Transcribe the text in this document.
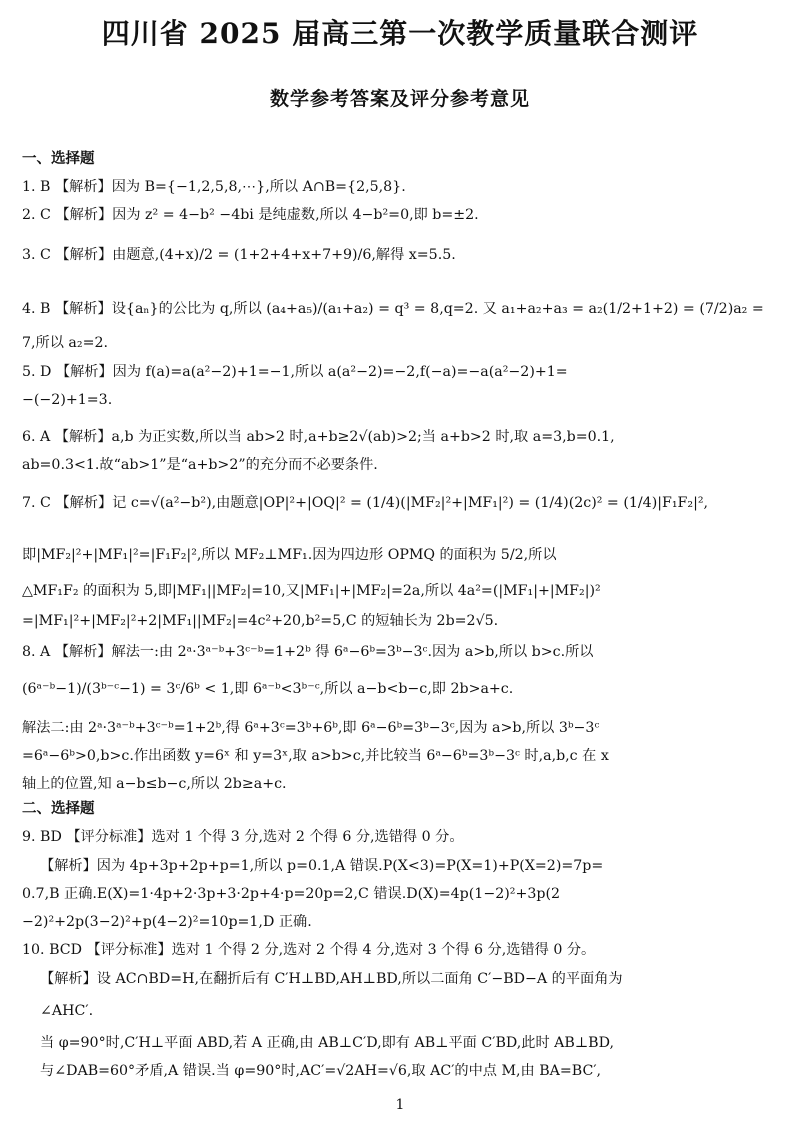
四川省 2025 届高三第一次教学质量联合测评
数学参考答案及评分参考意见
一、选择题
1. B 【解析】因为 B={−1,2,5,8,⋯},所以 A∩B={2,5,8}.
2. C 【解析】因为 z² = 4−b² −4bi 是纯虚数,所以 4−b²=0,即 b=±2.
3. C 【解析】由题意,(4+x)/2 = (1+2+4+x+7+9)/6,解得 x=5.5.
4. B 【解析】设{aₙ}的公比为 q,所以 (a₄+a₅)/(a₁+a₂) = q³ = 8,q=2. 又 a₁+a₂+a₃ = a₂(1/2+1+2) = (7/2)a₂ =
7,所以 a₂=2.
5. D 【解析】因为 f(a)=a(a²−2)+1=−1,所以 a(a²−2)=−2,f(−a)=−a(a²−2)+1=
−(−2)+1=3.
6. A 【解析】a,b 为正实数,所以当 ab>2 时,a+b≥2√(ab)>2;当 a+b>2 时,取 a=3,b=0.1,
ab=0.3<1.故“ab>1”是“a+b>2”的充分而不必要条件.
7. C 【解析】记 c=√(a²−b²),由题意|OP|²+|OQ|² = (1/4)(|MF₂|²+|MF₁|²) = (1/4)(2c)² = (1/4)|F₁F₂|²,
即|MF₂|²+|MF₁|²=|F₁F₂|²,所以 MF₂⊥MF₁.因为四边形 OPMQ 的面积为 5/2,所以
△MF₁F₂ 的面积为 5,即|MF₁||MF₂|=10,又|MF₁|+|MF₂|=2a,所以 4a²=(|MF₁|+|MF₂|)²
=|MF₁|²+|MF₂|²+2|MF₁||MF₂|=4c²+20,b²=5,C 的短轴长为 2b=2√5.
8. A 【解析】解法一:由 2ᵃ·3ᵃ⁻ᵇ+3ᶜ⁻ᵇ=1+2ᵇ 得 6ᵃ−6ᵇ=3ᵇ−3ᶜ.因为 a>b,所以 b>c.所以
(6ᵃ⁻ᵇ−1)/(3ᵇ⁻ᶜ−1) = 3ᶜ/6ᵇ < 1,即 6ᵃ⁻ᵇ<3ᵇ⁻ᶜ,所以 a−b<b−c,即 2b>a+c.
解法二:由 2ᵃ·3ᵃ⁻ᵇ+3ᶜ⁻ᵇ=1+2ᵇ,得 6ᵃ+3ᶜ=3ᵇ+6ᵇ,即 6ᵃ−6ᵇ=3ᵇ−3ᶜ,因为 a>b,所以 3ᵇ−3ᶜ
=6ᵃ−6ᵇ>0,b>c.作出函数 y=6ˣ 和 y=3ˣ,取 a>b>c,并比较当 6ᵃ−6ᵇ=3ᵇ−3ᶜ 时,a,b,c 在 x
轴上的位置,知 a−b≤b−c,所以 2b≥a+c.
二、选择题
9. BD 【评分标准】选对 1 个得 3 分,选对 2 个得 6 分,选错得 0 分。
【解析】因为 4p+3p+2p+p=1,所以 p=0.1,A 错误.P(X<3)=P(X=1)+P(X=2)=7p=
0.7,B 正确.E(X)=1·4p+2·3p+3·2p+4·p=20p=2,C 错误.D(X)=4p(1−2)²+3p(2
−2)²+2p(3−2)²+p(4−2)²=10p=1,D 正确.
10. BCD 【评分标准】选对 1 个得 2 分,选对 2 个得 4 分,选对 3 个得 6 分,选错得 0 分。
【解析】设 AC∩BD=H,在翻折后有 C′H⊥BD,AH⊥BD,所以二面角 C′−BD−A 的平面角为
∠AHC′.
当 φ=90°时,C′H⊥平面 ABD,若 A 正确,由 AB⊥C′D,即有 AB⊥平面 C′BD,此时 AB⊥BD,
与∠DAB=60°矛盾,A 错误.当 φ=90°时,AC′=√2AH=√6,取 AC′的中点 M,由 BA=BC′,
1
